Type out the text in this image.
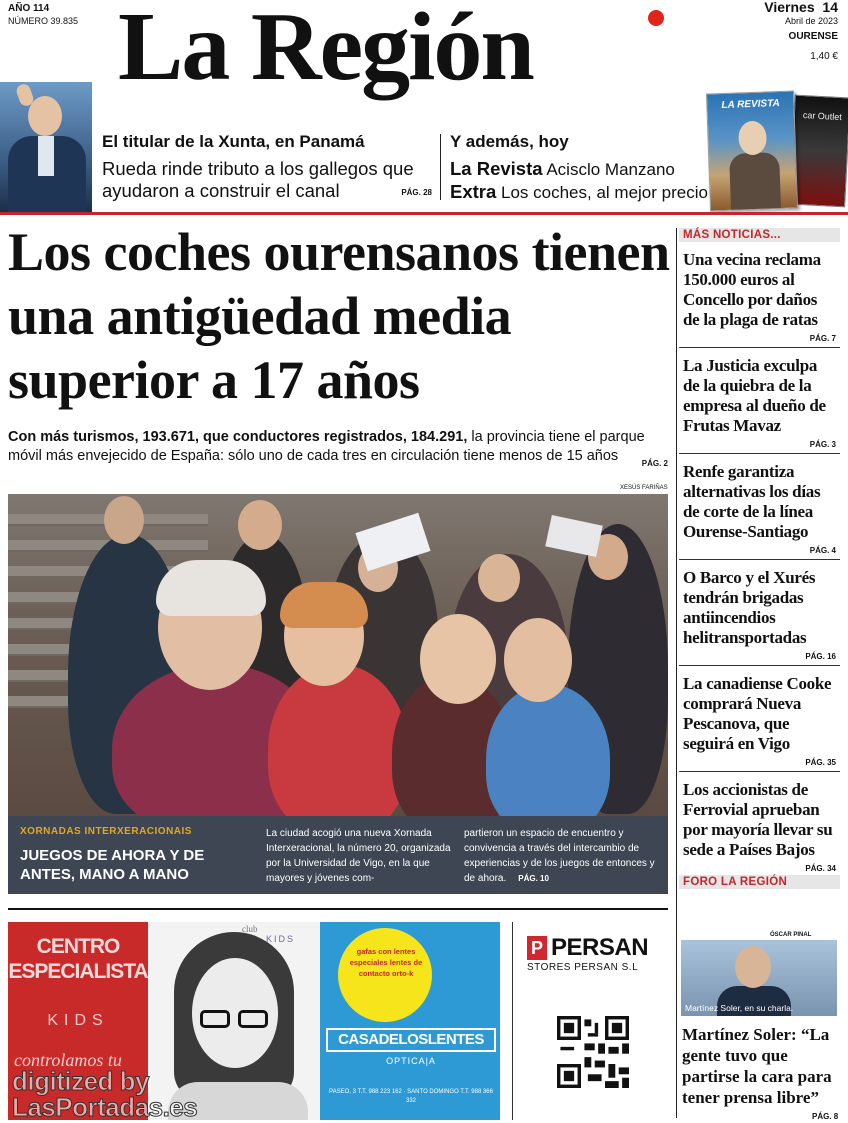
AÑO 114
NÚMERO 39.835 La Región	Viernes 14
Abril de 2023
OURENSE
1,40 €
El titular de la Xunta, en Panamá
Rueda rinde tributo a los gallegos que ayudaron a construir el canal	PÁG. 28
Y además, hoy
La Revista Acisclo Manzano
Extra Los coches, al mejor precio
car Outlet
LA REVISTA
Los coches ourensanos tienen una antigüedad media superior a 17 años
Con más turismos, 193.671, que conductores registrados, 184.291, la provincia tiene el parque móvil más envejecido de España: sólo uno de cada tres en circulación tiene menos de 15 años	PÁG. 2
XESÚS FARIÑAS
XORNADAS INTERXERACIONAIS
JUEGOS DE AHORA Y DE ANTES, MANO A MANO
La ciudad acogió una nueva Xornada Interxeracional, la número 20, organizada por la Universidad de Vigo, en la que mayores y jóvenes com-
partieron un espacio de encuentro y convivencia a través del intercambio de experiencias y de los juegos de entonces y de ahora. PÁG. 10
MÁS NOTICIAS...
Una vecina reclama 150.000 euros al Concello por daños de la plaga de ratas
PÁG. 7
La Justicia exculpa de la quiebra de la empresa al dueño de Frutas Mavaz
PÁG. 3
Renfe garantiza alternativas los días de corte de la línea Ourense-Santiago
PÁG. 4
O Barco y el Xurés tendrán brigadas antiincendios helitransportadas
PÁG. 16
La canadiense Cooke comprará Nueva Pescanova, que seguirá en Vigo
PÁG. 35
Los accionistas de Ferrovial aprueban por mayoría llevar su sede a Países Bajos
PÁG. 34
FORO LA REGIÓN
ÓSCAR PINAL
Martínez Soler, en su charla.
Martínez Soler: “La gente tuvo que partirse la cara para tener prensa libre”
PÁG. 8
CENTRO ESPECIALISTA
KIDS
controlamos tu
club
KIDS
gafas con lentes especiales lentes de contacto orto-k
CASADELOSLENTES
OPTICA|A
PASEO, 3 T.T. 988 223 162 · SANTO DOMINGO T.T. 988 366 332
P PERSAN
STORES PERSAN S.L
digitized by
LasPortadas.es
